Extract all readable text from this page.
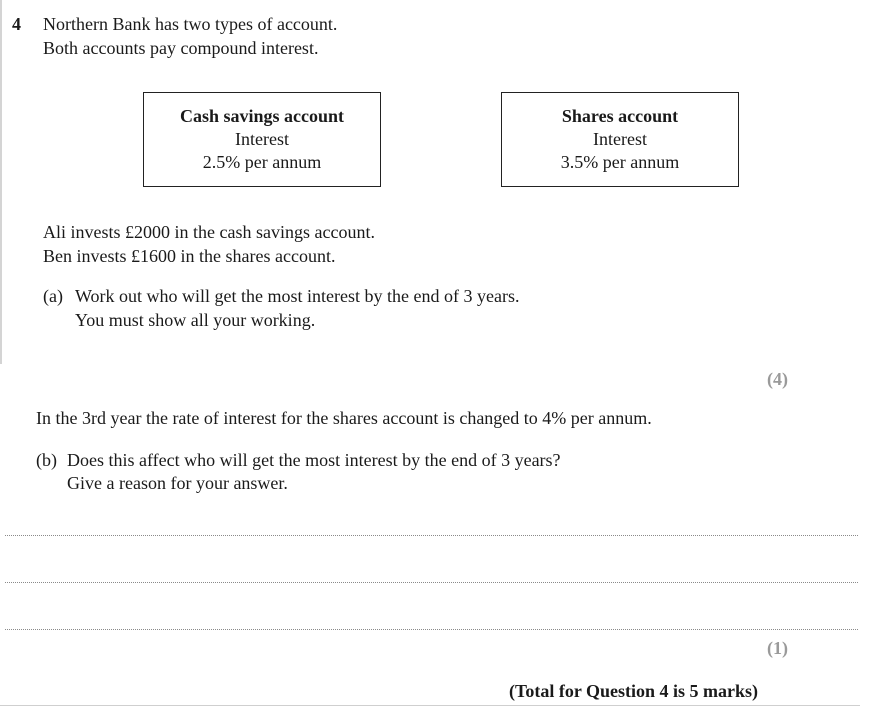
4 Northern Bank has two types of account.
Both accounts pay compound interest.
Cash savings account
Interest
2.5% per annum
Shares account
Interest
3.5% per annum
Ali invests £2000 in the cash savings account.
Ben invests £1600 in the shares account.
(a) Work out who will get the most interest by the end of 3 years.
You must show all your working.
(4)
In the 3rd year the rate of interest for the shares account is changed to 4% per annum.
(b) Does this affect who will get the most interest by the end of 3 years?
Give a reason for your answer.
(1)
(Total for Question 4 is 5 marks)
